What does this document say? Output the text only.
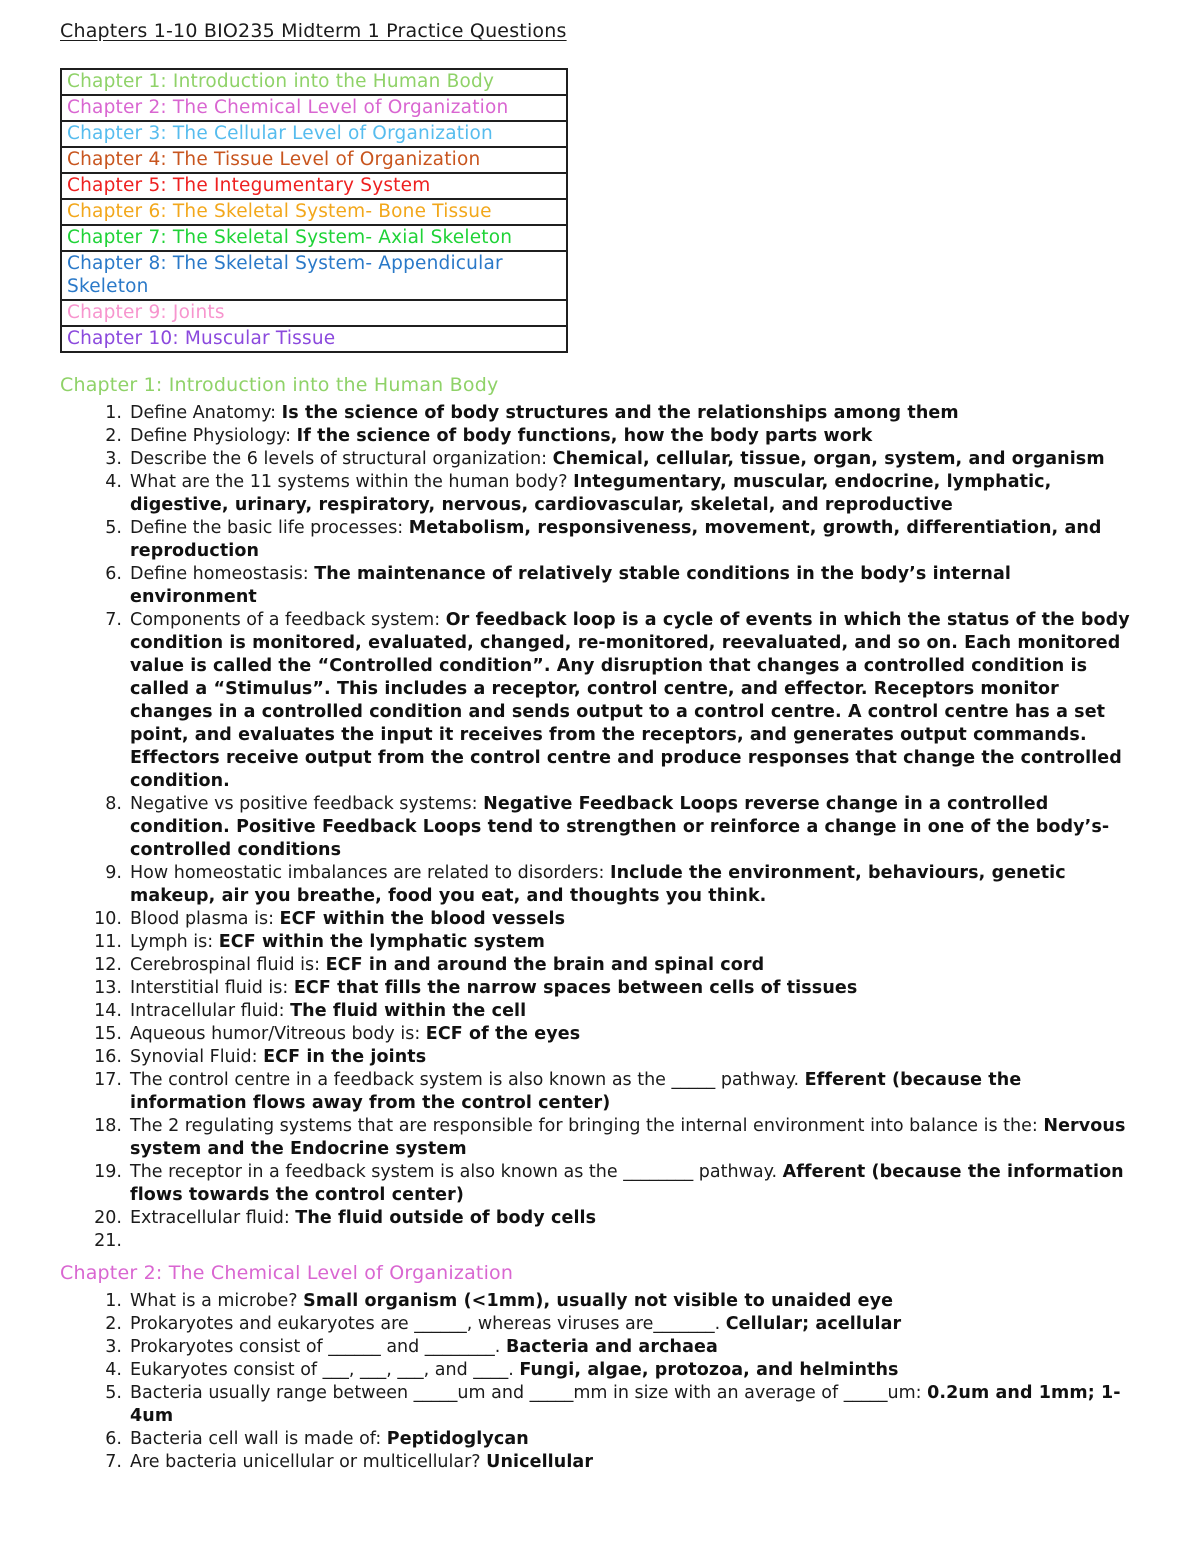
Chapters 1-10 BIO235 Midterm 1 Practice Questions
Chapter 1: Introduction into the Human Body
Chapter 2: The Chemical Level of Organization
Chapter 3: The Cellular Level of Organization
Chapter 4: The Tissue Level of Organization
Chapter 5: The Integumentary System
Chapter 6: The Skeletal System- Bone Tissue
Chapter 7: The Skeletal System- Axial Skeleton
Chapter 8: The Skeletal System- Appendicular Skeleton
Chapter 9: Joints
Chapter 10: Muscular Tissue
Chapter 1: Introduction into the Human Body
1. Define Anatomy: Is the science of body structures and the relationships among them
2. Define Physiology: If the science of body functions, how the body parts work
3. Describe the 6 levels of structural organization: Chemical, cellular, tissue, organ, system, and organism
4. What are the 11 systems within the human body? Integumentary, muscular, endocrine, lymphatic, digestive, urinary, respiratory, nervous, cardiovascular, skeletal, and reproductive
5. Define the basic life processes: Metabolism, responsiveness, movement, growth, differentiation, and reproduction
6. Define homeostasis: The maintenance of relatively stable conditions in the body’s internal environment
7. Components of a feedback system: Or feedback loop is a cycle of events in which the status of the body condition is monitored, evaluated, changed, re-monitored, reevaluated, and so on. Each monitored value is called the “Controlled condition”. Any disruption that changes a controlled condition is called a “Stimulus”. This includes a receptor, control centre, and effector. Receptors monitor changes in a controlled condition and sends output to a control centre. A control centre has a set point, and evaluates the input it receives from the receptors, and generates output commands. Effectors receive output from the control centre and produce responses that change the controlled condition.
8. Negative vs positive feedback systems: Negative Feedback Loops reverse change in a controlled condition. Positive Feedback Loops tend to strengthen or reinforce a change in one of the body’s-controlled conditions
9. How homeostatic imbalances are related to disorders: Include the environment, behaviours, genetic makeup, air you breathe, food you eat, and thoughts you think.
10. Blood plasma is: ECF within the blood vessels
11. Lymph is: ECF within the lymphatic system
12. Cerebrospinal fluid is: ECF in and around the brain and spinal cord
13. Interstitial fluid is: ECF that fills the narrow spaces between cells of tissues
14. Intracellular fluid: The fluid within the cell
15. Aqueous humor/Vitreous body is: ECF of the eyes
16. Synovial Fluid: ECF in the joints
17. The control centre in a feedback system is also known as the _____ pathway. Efferent (because the information flows away from the control center)
18. The 2 regulating systems that are responsible for bringing the internal environment into balance is the: Nervous system and the Endocrine system
19. The receptor in a feedback system is also known as the ________ pathway. Afferent (because the information flows towards the control center)
20. Extracellular fluid: The fluid outside of body cells
21.
Chapter 2: The Chemical Level of Organization
1. What is a microbe? Small organism (<1mm), usually not visible to unaided eye
2. Prokaryotes and eukaryotes are ______, whereas viruses are_______. Cellular; acellular
3. Prokaryotes consist of ______ and ________. Bacteria and archaea
4. Eukaryotes consist of ___, ___, ___, and ____. Fungi, algae, protozoa, and helminths
5. Bacteria usually range between _____um and _____mm in size with an average of _____um: 0.2um and 1mm; 1-4um
6. Bacteria cell wall is made of: Peptidoglycan
7. Are bacteria unicellular or multicellular? Unicellular
